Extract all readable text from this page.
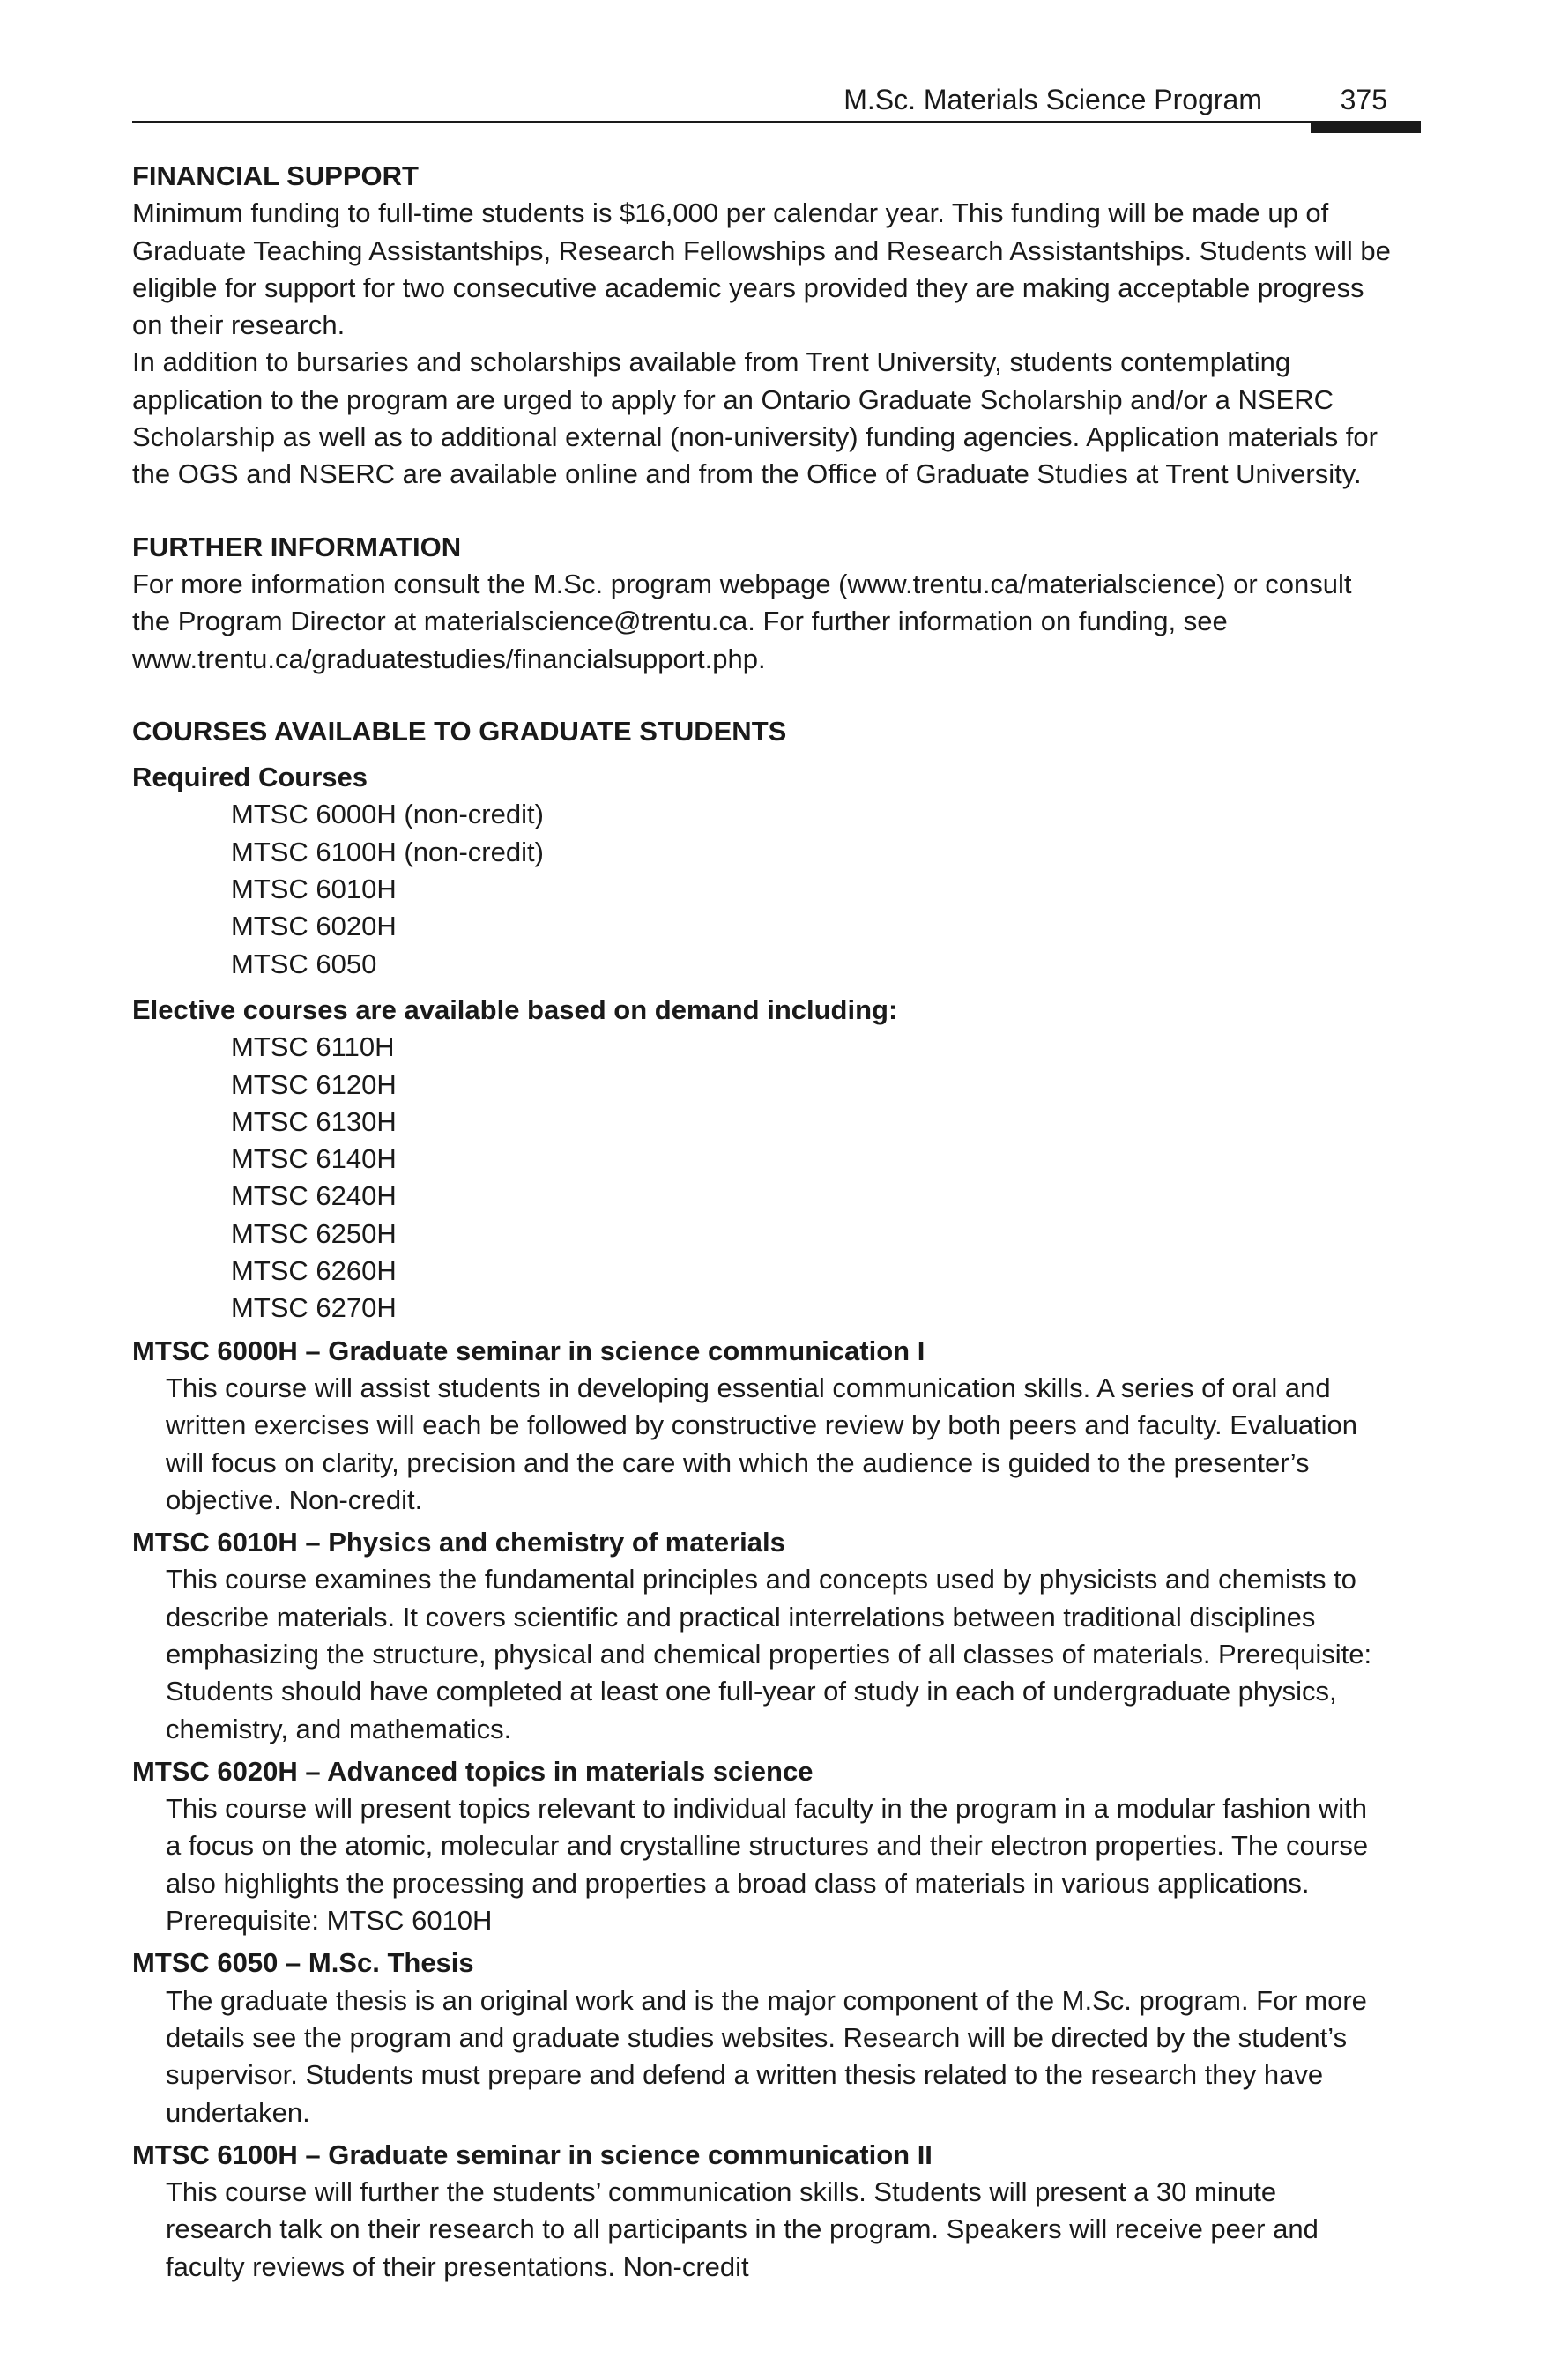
M.Sc. Materials Science Program	375

FINANCIAL SUPPORT

Minimum funding to full-time students is $16,000 per calendar year. This funding will be made up of

Graduate Teaching Assistantships, Research Fellowships and Research Assistantships. Students will be

eligible for support for two consecutive academic years provided they are making acceptable progress

on their research.

In addition to bursaries and scholarships available from Trent University, students contemplating

application to the program are urged to apply for an Ontario Graduate Scholarship and/or a NSERC

Scholarship as well as to additional external (non-university) funding agencies. Application materials for

the OGS and NSERC are available online and from the Office of Graduate Studies at Trent University.

FURTHER INFORMATION

For more information consult the M.Sc. program webpage (www.trentu.ca/materialscience) or consult

the Program Director at materialscience@trentu.ca. For further information on funding, see

www.trentu.ca/graduatestudies/financialsupport.php.

COURSES AVAILABLE TO GRADUATE STUDENTS

Required Courses

MTSC 6000H (non-credit)
MTSC 6100H (non-credit)
MTSC 6010H
MTSC 6020H
MTSC 6050

Elective courses are available based on demand including:

MTSC 6110H
MTSC 6120H
MTSC 6130H
MTSC 6140H
MTSC 6240H
MTSC 6250H
MTSC 6260H
MTSC 6270H

MTSC 6000H – Graduate seminar in science communication I

This course will assist students in developing essential communication skills. A series of oral and

written exercises will each be followed by constructive review by both peers and faculty. Evaluation

will focus on clarity, precision and the care with which the audience is guided to the presenter’s

objective. Non-credit.

MTSC 6010H – Physics and chemistry of materials

This course examines the fundamental principles and concepts used by physicists and chemists to

describe materials. It covers scientific and practical interrelations between traditional disciplines

emphasizing the structure, physical and chemical properties of all classes of materials. Prerequisite:

Students should have completed at least one full-year of study in each of undergraduate physics,

chemistry, and mathematics.

MTSC 6020H – Advanced topics in materials science

This course will present topics relevant to individual faculty in the program in a modular fashion with

a focus on the atomic, molecular and crystalline structures and their electron properties. The course

also highlights the processing and properties a broad class of materials in various applications.

Prerequisite: MTSC 6010H

MTSC 6050 – M.Sc. Thesis

The graduate thesis is an original work and is the major component of the M.Sc. program. For more

details see the program and graduate studies websites. Research will be directed by the student’s

supervisor. Students must prepare and defend a written thesis related to the research they have

undertaken.

MTSC 6100H – Graduate seminar in science communication II

This course will further the students’ communication skills. Students will present a 30 minute

research talk on their research to all participants in the program. Speakers will receive peer and

faculty reviews of their presentations. Non-credit
